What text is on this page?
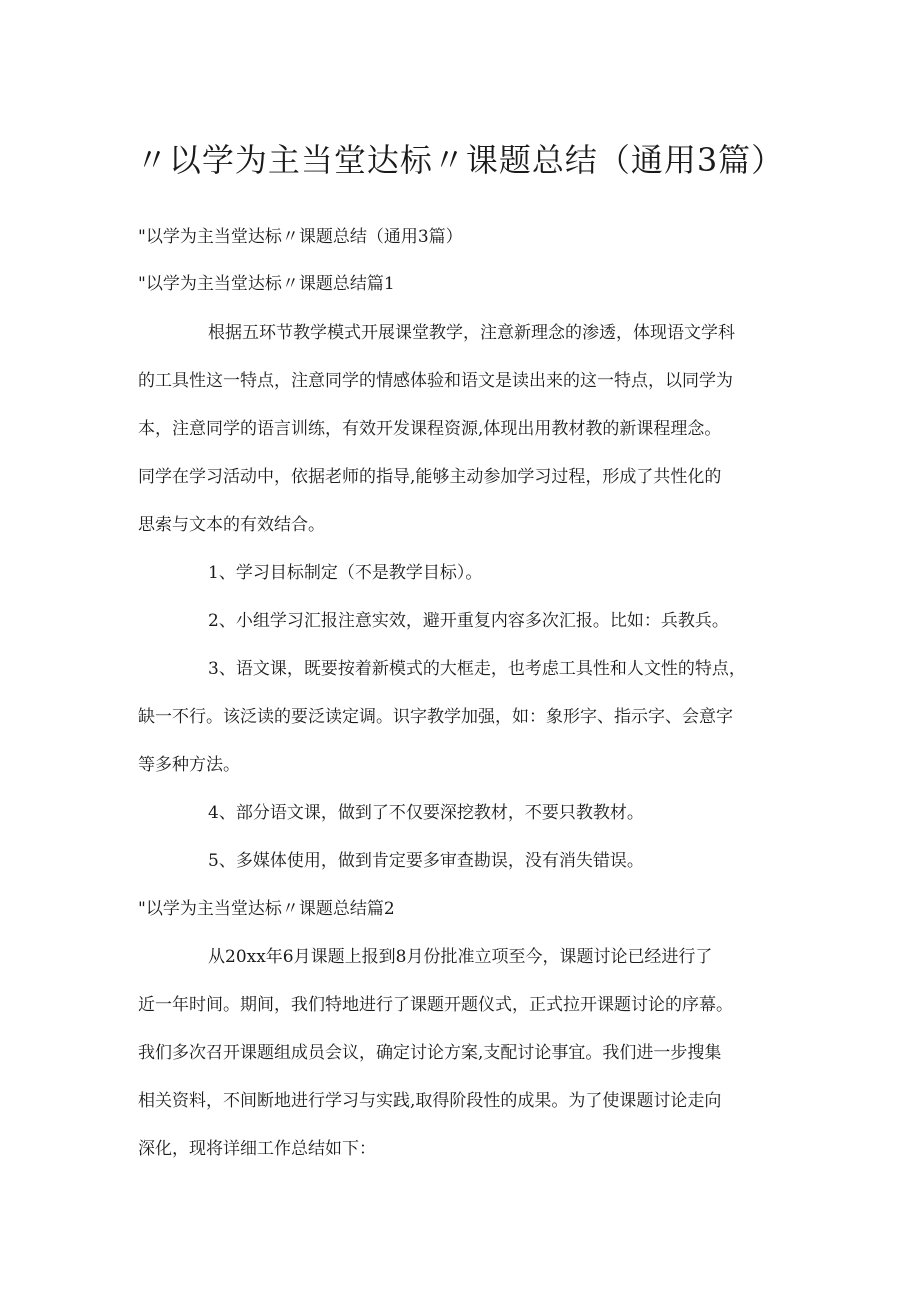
〃以学为主当堂达标〃课题总结（通用3篇）
"以学为主当堂达标〃课题总结（通用3篇）
"以学为主当堂达标〃课题总结篇1
根据五环节教学模式开展课堂教学，注意新理念的渗透，体现语文学科
的工具性这一特点，注意同学的情感体验和语文是读出来的这一特点，以同学为
本，注意同学的语言训练，有效开发课程资源,体现出用教材教的新课程理念。
同学在学习活动中，依据老师的指导,能够主动参加学习过程，形成了共性化的
思索与文本的有效结合。
1、学习目标制定（不是教学目标）。
2、小组学习汇报注意实效，避开重复内容多次汇报。比如：兵教兵。
3、语文课，既要按着新模式的大框走，也考虑工具性和人文性的特点，
缺一不行。该泛读的要泛读定调。识字教学加强，如：象形字、指示字、会意字
等多种方法。
4、部分语文课，做到了不仅要深挖教材，不要只教教材。
5、多媒体使用，做到肯定要多审查勘误，没有消失错误。
"以学为主当堂达标〃课题总结篇2
从20xx年6月课题上报到8月份批准立项至今，课题讨论已经进行了
近一年时间。期间，我们特地进行了课题开题仪式，正式拉开课题讨论的序幕。
我们多次召开课题组成员会议，确定讨论方案,支配讨论事宜。我们进一步搜集
相关资料，不间断地进行学习与实践,取得阶段性的成果。为了使课题讨论走向
深化，现将详细工作总结如下：
